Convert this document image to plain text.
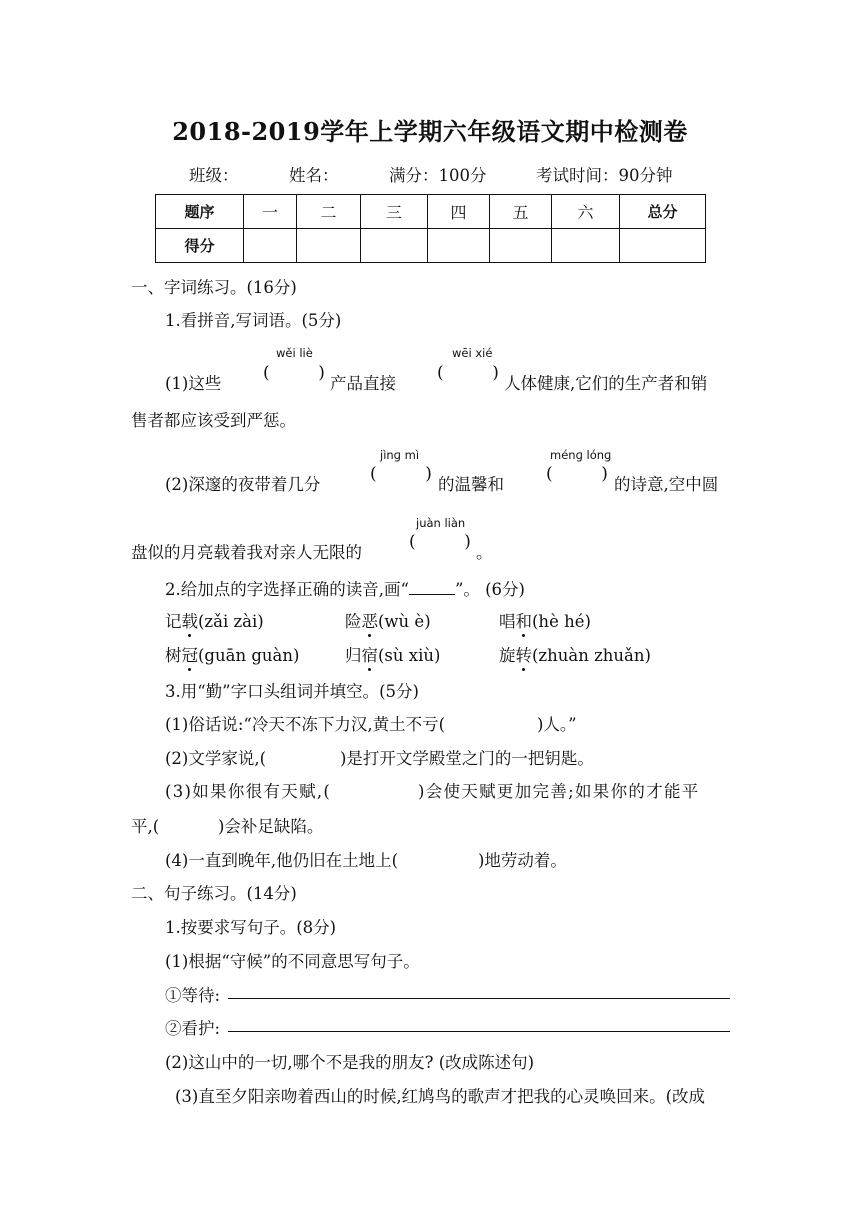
2018-2019学年上学期六年级语文期中检测卷
班级：	姓名：	满分：100分	考试时间：90分钟
题序	一	二	三	四	五	六	总分
得分							
一、字词练习。(16分)
1.看拼音,写词语。(5分)
wěi liè	wēi xié
(1)这些
(         )
产品直接
(         )
人体健康,它们的生产者和销
售者都应该受到严惩。
jìnɡ mì	ménɡ lónɡ
(2)深邃的夜带着几分
(         )
的温馨和
(         )
的诗意,空中圆
juàn liàn
盘似的月亮载着我对亲人无限的
(         )
。
2.给加点的字选择正确的读音,画“	”。 (6分)
记载(zǎi zài)	险恶(wù è)	唱和(hè hé)
树冠(guān guàn)	归宿(sù xiù)	旋转(zhuàn zhuǎn)
3.用“勤”字口头组词并填空。(5分)
(1)俗话说:“冷天不冻下力汉,黄土不亏(	)人。”
(2)文学家说,(	)是打开文学殿堂之门的一把钥匙。
(3)如果你很有天赋,(	)会使天赋更加完善;如果你的才能平
平,(	)会补足缺陷。
(4)一直到晚年,他仍旧在土地上(	)地劳动着。
二、句子练习。(14分)
1.按要求写句子。(8分)
(1)根据“守候”的不同意思写句子。
①等待:
②看护:
(2)这山中的一切,哪个不是我的朋友? (改成陈述句)
(3)直至夕阳亲吻着西山的时候,红鸠鸟的歌声才把我的心灵唤回来。(改成
